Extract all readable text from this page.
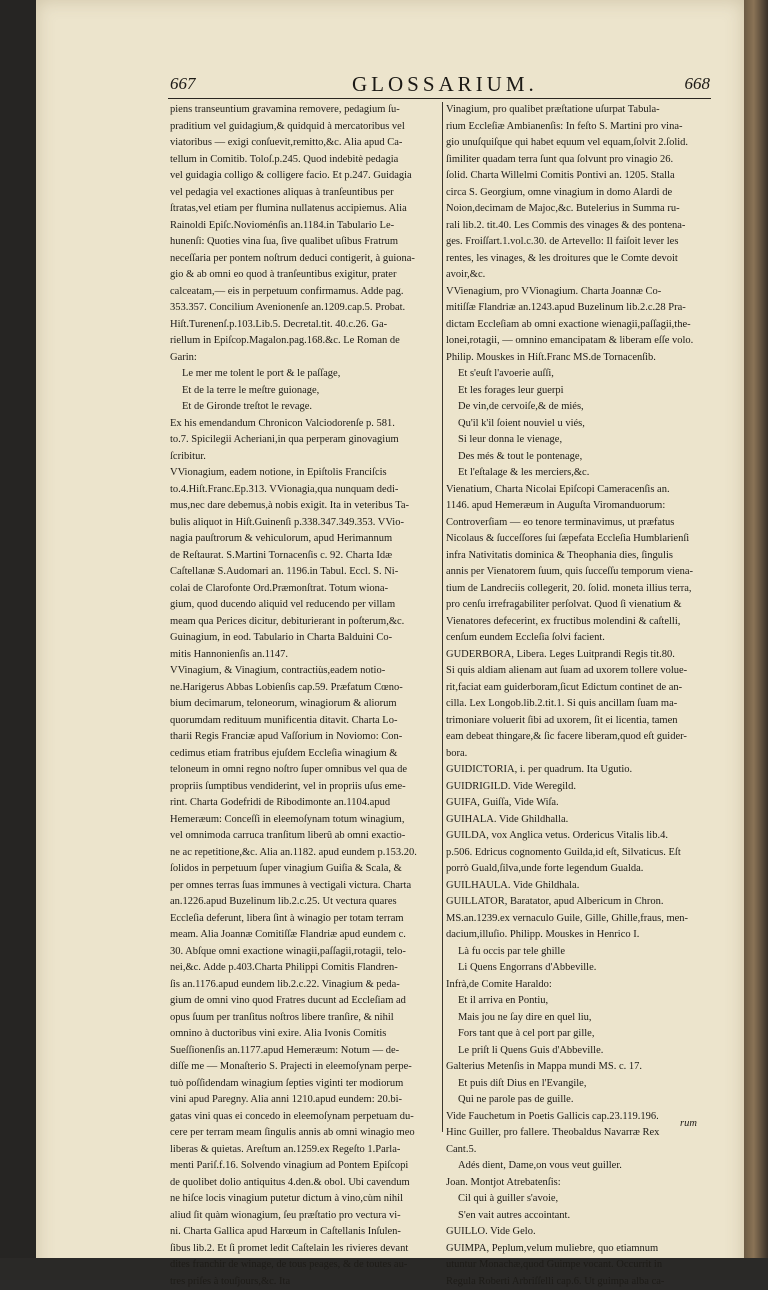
667	GLOSSARIUM.	668
piens transeuntium gravamina removere, pedagium ſu-
praditium vel guidagium,& quidquid à mercatoribus vel
viatoribus — exigi conſuevit,remitto,&c. Alia apud Ca-
tellum in Comitib. Toloſ.p.245. Quod indebitè pedagia
vel guidagia colligo & colligere facio. Et p.247. Guidagia
vel pedagia vel exactiones aliquas à tranſeuntibus per
ſtratas,vel etiam per flumina nullatenus accipiemus. Alia
Rainoldi Epiſc.Novioménſis an.1184.in Tabulario Le-
hunenſi: Quoties vina ſua, ſive qualibet uſibus Fratrum
neceſſaria per pontem noſtrum deduci contigerit, à guiona-
gio & ab omni eo quod à tranſeuntibus exigitur, prater
calceatam,— eis in perpetuum confirmamus. Adde pag.
353.357. Concilium Avenionenſe an.1209.cap.5. Probat.
Hiſt.Turenenſ.p.103.Lib.5. Decretal.tit. 40.c.26. Ga-
riellum in Epiſcop.Magalon.pag.168.&c. Le Roman de
Garin:
Le mer me tolent le port & le paſſage,
Et de la terre le meſtre guionage,
Et de Gironde treſtot le revage.
Ex his emendandum Chronicon Valciodorenſe p. 581.
to.7. Spicilegii Acheriani,in qua perperam ginovagium
ſcribitur.
VVionagium, eadem notione, in Epiſtolis Franciſcis
to.4.Hiſt.Franc.Ep.313. VVionagia,qua nunquam dedi-
mus,nec dare debemus,à nobis exigit. Ita in veteribus Ta-
bulis aliquot in Hiſt.Guinenſi p.338.347.349.353. VVio-
nagia pauſtrorum & vehiculorum, apud Herimannum
de Reſtaurat. S.Martini Tornacenſis c. 92. Charta Idæ
Caſtellanæ S.Audomari an. 1196.in Tabul. Eccl. S. Ni-
colai de Clarofonte Ord.Præmonſtrat. Totum wiona-
gium, quod ducendo aliquid vel reducendo per villam
meam qua Perices dicitur, debiturierant in poſterum,&c.
Guinagium, in eod. Tabulario in Charta Balduini Co-
mitis Hannonienſis an.1147.
VVinagium, & Vinagium, contractiùs,eadem notio-
ne.Harigerus Abbas Lobienſis cap.59. Præfatum Cœno-
bium decimarum, teloneorum, winagiorum & aliorum
quorumdam redituum munificentia ditavit. Charta Lo-
tharii Regis Franciæ apud Vaſſorium in Noviomo: Con-
cedimus etiam fratribus ejuſdem Eccleſia winagium &
teloneum in omni regno noſtro ſuper omnibus vel qua de
propriis ſumptibus vendiderint, vel in propriis uſus eme-
rint. Charta Godefridi de Ribodimonte an.1104.apud
Hemeræum: Conceſſi in eleemoſynam totum winagium,
vel omnimoda carruca tranſitum liberû ab omni exactio-
ne ac repetitione,&c. Alia an.1182. apud eundem p.153.20.
ſolidos in perpetuum ſuper vinagium Guiſia & Scala, &
per omnes terras ſuas immunes à vectigali victura. Charta
an.1226.apud Buzelinum lib.2.c.25. Ut vectura quares
Eccleſia deferunt, libera ſint à winagio per totam terram
meam. Alia Joannæ Comitiſſæ Flandriæ apud eundem c.
30. Abſque omni exactione winagii,paſſagii,rotagii, telo-
nei,&c. Adde p.403.Charta Philippi Comitis Flandren-
ſis an.1176.apud eundem lib.2.c.22. Vinagium & peda-
gium de omni vino quod Fratres ducunt ad Eccleſiam ad
opus ſuum per tranſitus noſtros libere tranſire, & nihil
omnino à ductoribus vini exire. Alia Ivonis Comitis
Sueſſionenſis an.1177.apud Hemeræum: Notum — de-
diſſe me — Monaſterio S. Prajecti in eleemoſynam perpe-
tuò poſſidendam winagium ſepties viginti ter modiorum
vini apud Paregny. Alia anni 1210.apud eundem: 20.bi-
gatas vini quas ei concedo in eleemoſynam perpetuam du-
cere per terram meam ſingulis annis ab omni winagio meo
liberas & quietas. Areſtum an.1259.ex Regeſto 1.Parla-
menti Pariſ.f.16. Solvendo vinagium ad Pontem Epiſcopi
de quolibet dolio antiquitus 4.den.& obol. Ubi cavendum
ne hiſce locis vinagium putetur dictum à vino,cùm nihil
aliud ſit quàm wionagium, ſeu præſtatio pro vectura vi-
ni. Charta Gallica apud Harœum in Caſtellanis Inſulen-
ſibus lib.2. Et ſi promet ledit Caſtelain les rivieres devant
dites franchir de winage, de tous peages, & de toutes au-
tres priſes à touſjours,&c. Ita
Vinagium, pro qualibet præſtatione uſurpat Tabula-
rium Eccleſiæ Ambianenſis: In feſto S. Martini pro vina-
gio unuſquiſque qui habet equum vel equam,ſolvit 2.ſolid.
ſimiliter quadam terra ſunt qua ſolvunt pro vinagio 26.
ſolid. Charta Willelmi Comitis Pontivi an. 1205. Stalla
circa S. Georgium, omne vinagium in domo Alardi de
Noion,decimam de Majoc,&c. Butelerius in Summa ru-
rali lib.2. tit.40. Les Commis des vinages & des pontena-
ges. Froiſſart.1.vol.c.30. de Artevello: Il faiſoit lever les
rentes, les vinages, & les droitures que le Comte devoit
avoir,&c.
VVienagium, pro VVionagium. Charta Joannæ Co-
mitiſſæ Flandriæ an.1243.apud Buzelinum lib.2.c.28 Pra-
dictam Eccleſiam ab omni exactione wienagii,paſſagii,the-
lonei,rotagii, — omnino emancipatam & liberam eſſe volo.
Philip. Mouskes in Hiſt.Franc MS.de Tornacenſib.
Et s'euſt l'avoerie auſſi,
Et les forages leur guerpi
De vin,de cervoiſe,& de miés,
Qu'il k'il ſoient nouviel u viés,
Si leur donna le vienage,
Des més & tout le pontenage,
Et l'eſtalage & les merciers,&c.
Vienatium, Charta Nicolai Epiſcopi Cameracenſis an.
1146. apud Hemeræum in Auguſta Viromanduorum:
Controverſiam — eo tenore terminavimus, ut præfatus
Nicolaus & ſucceſſores ſui ſæpefata Eccleſia Humblarienſi
infra Nativitatis dominica & Theophania dies, ſingulis
annis per Vienatorem ſuum, quis ſucceſſu temporum viena-
tium de Landreciis collegerit, 20. ſolid. moneta illius terra,
pro cenſu irrefragabiliter perſolvat. Quod ſi vienatium &
Vienatores defecerint, ex fructibus molendini & caſtelli,
cenſum eundem Eccleſia ſolvi facient.
GUDERBORA, Libera. Leges Luitprandi Regis tit.80.
Si quis aldiam alienam aut ſuam ad uxorem tollere volue-
rit,faciat eam guiderboram,ſicut Edictum continet de an-
cilla. Lex Longob.lib.2.tit.1. Si quis ancillam ſuam ma-
trimoniare voluerit ſibi ad uxorem, ſit ei licentia, tamen
eam debeat thingare,& ſic facere liberam,quod eſt guider-
bora.
GUIDICTORIA, i. per quadrum. Ita Ugutio.
GUIDRIGILD. Vide Weregild.
GUIFA, Guiſſa, Vide Wiſa.
GUIHALA. Vide Ghildhalla.
GUILDA, vox Anglica vetus. Ordericus Vitalis lib.4.
p.506. Edricus cognomento Guilda,id eſt, Silvaticus. Eſt
porrò Guald,ſilva,unde forte legendum Gualda.
GUILHAULA. Vide Ghildhala.
GUILLATOR, Baratator, apud Albericum in Chron.
MS.an.1239.ex vernaculo Guile, Gille, Ghille,fraus, men-
dacium,illuſio. Philipp. Mouskes in Henrico I.
Là fu occis par tele ghille
Li Quens Engorrans d'Abbeville.
Infrà,de Comite Haraldo:
Et il arriva en Pontiu,
Mais jou ne ſay dire en quel liu,
Fors tant que à cel port par gille,
Le priſt li Quens Guis d'Abbeville.
Galterius Metenſis in Mappa mundi MS. c. 17.
Et puis diſt Dius en l'Evangile,
Qui ne parole pas de guille.
Vide Fauchetum in Poetis Gallicis cap.23.119.196.
Hinc Guiller, pro fallere. Theobaldus Navarræ Rex
Cant.5.
Adés dient, Dame,on vous veut guiller.
Joan. Montjot Atrebatenſis:
Cil qui à guiller s'avoie,
S'en vait autres accointant.
GUILLO. Vide Gelo.
GUIMPA, Peplum,velum muliebre, quo etiamnum
utuntur Monachæ,quod Guimpe vocant. Occurrit in
Regula Roberti Arbriſſelli cap.6. Ut guimpa alba ca-
rum
